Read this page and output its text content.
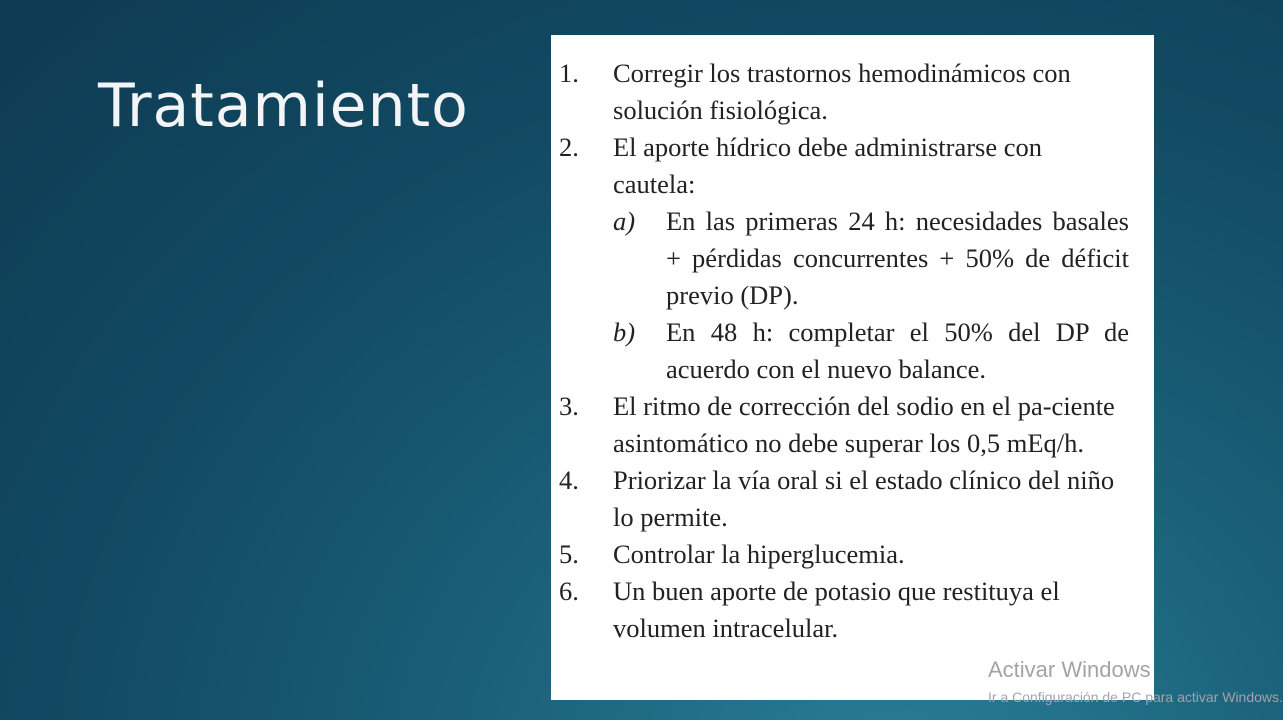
Tratamiento	1. Corregir los trastornos hemodinámicos con solución fisiológica.
2. El aporte hídrico debe administrarse con cautela:
a) En las primeras 24 h: necesidades basales + pérdidas concurrentes + 50% de déficit previo (DP).
b) En 48 h: completar el 50% del DP de acuerdo con el nuevo balance.
3. El ritmo de corrección del sodio en el pa-ciente asintomático no debe superar los 0,5 mEq/h.
4. Priorizar la vía oral si el estado clínico del niño lo permite.
5. Controlar la hiperglucemia.
6. Un buen aporte de potasio que restituya el volumen intracelular.
Activar Windows
Ir a Configuración de PC para activar Windows.
